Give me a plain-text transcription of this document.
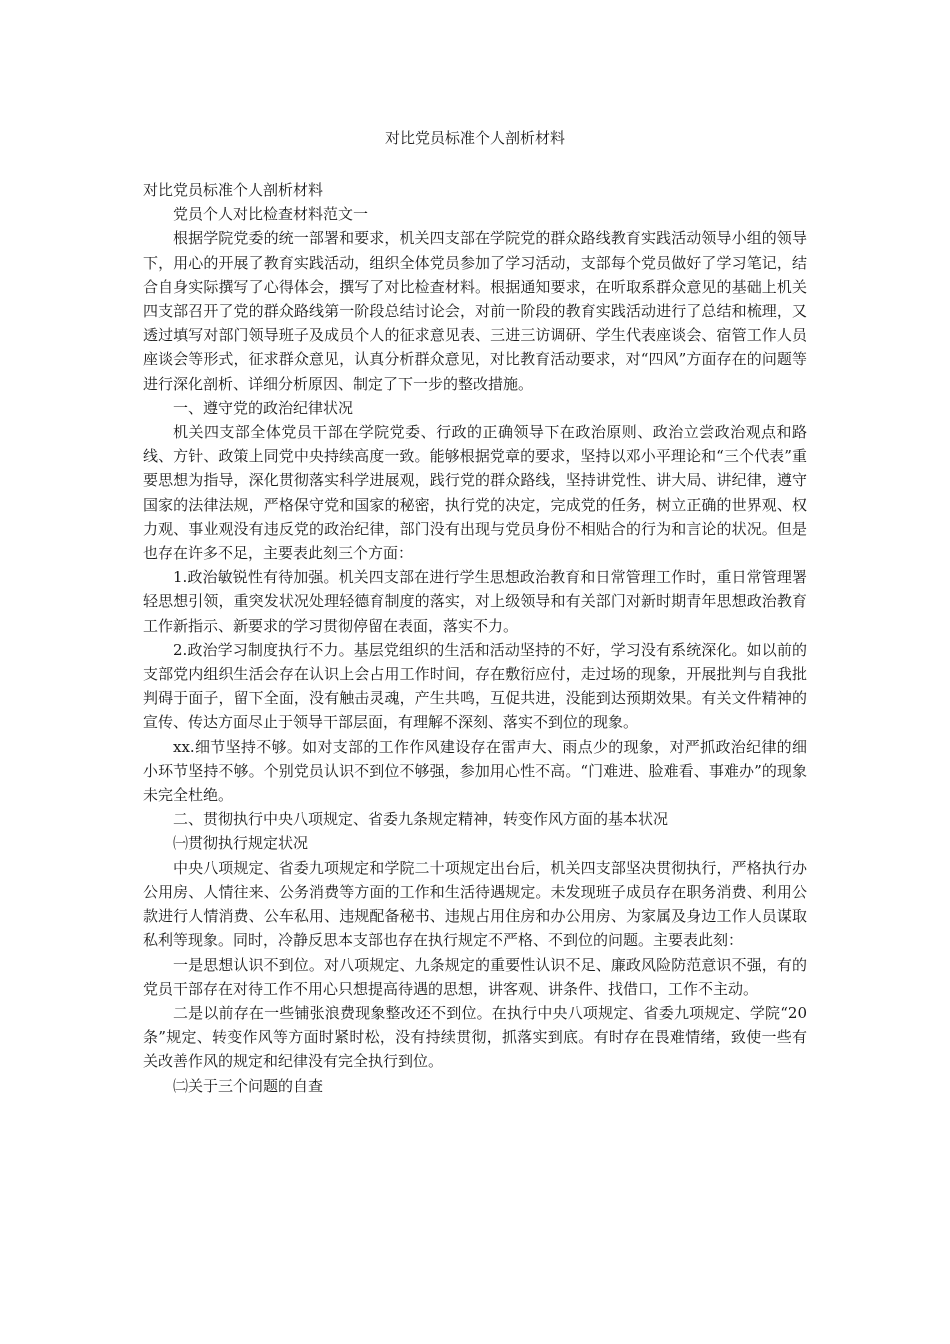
对比党员标准个人剖析材料

对比党员标准个人剖析材料

党员个人对比检查材料范文一

根据学院党委的统一部署和要求，机关四支部在学院党的群众路线教育实践活动领导小组的领导下，用心的开展了教育实践活动，组织全体党员参加了学习活动，支部每个党员做好了学习笔记，结合自身实际撰写了心得体会，撰写了对比检查材料。根据通知要求，在听取系群众意见的基础上机关四支部召开了党的群众路线第一阶段总结讨论会，对前一阶段的教育实践活动进行了总结和梳理，又透过填写对部门领导班子及成员个人的征求意见表、三进三访调研、学生代表座谈会、宿管工作人员座谈会等形式，征求群众意见，认真分析群众意见，对比教育活动要求，对“四风”方面存在的问题等进行深化剖析、详细分析原因、制定了下一步的整改措施。

一、遵守党的政治纪律状况

机关四支部全体党员干部在学院党委、行政的正确领导下在政治原则、政治立尝政治观点和路线、方针、政策上同党中央持续高度一致。能够根据党章的要求，坚持以邓小平理论和“三个代表”重要思想为指导，深化贯彻落实科学进展观，践行党的群众路线，坚持讲党性、讲大局、讲纪律，遵守国家的法律法规，严格保守党和国家的秘密，执行党的决定，完成党的任务，树立正确的世界观、权力观、事业观没有违反党的政治纪律，部门没有出现与党员身份不相贴合的行为和言论的状况。但是也存在许多不足，主要表此刻三个方面：

1.政治敏锐性有待加强。机关四支部在进行学生思想政治教育和日常管理工作时，重日常管理署轻思想引领，重突发状况处理轻德育制度的落实，对上级领导和有关部门对新时期青年思想政治教育工作新指示、新要求的学习贯彻停留在表面，落实不力。

2.政治学习制度执行不力。基层党组织的生活和活动坚持的不好，学习没有系统深化。如以前的支部党内组织生活会存在认识上会占用工作时间，存在敷衍应付，走过场的现象，开展批判与自我批判碍于面子，留下全面，没有触击灵魂，产生共鸣，互促共进，没能到达预期效果。有关文件精神的宣传、传达方面尽止于领导干部层面，有理解不深刻、落实不到位的现象。

xx.细节坚持不够。如对支部的工作作风建设存在雷声大、雨点少的现象，对严抓政治纪律的细小环节坚持不够。个别党员认识不到位不够强，参加用心性不高。“门难进、脸难看、事难办”的现象未完全杜绝。

二、贯彻执行中央八项规定、省委九条规定精神，转变作风方面的基本状况

㈠贯彻执行规定状况

中央八项规定、省委九项规定和学院二十项规定出台后，机关四支部坚决贯彻执行，严格执行办公用房、人情往来、公务消费等方面的工作和生活待遇规定。未发现班子成员存在职务消费、利用公款进行人情消费、公车私用、违规配备秘书、违规占用住房和办公用房、为家属及身边工作人员谋取私利等现象。同时，冷静反思本支部也存在执行规定不严格、不到位的问题。主要表此刻：

一是思想认识不到位。对八项规定、九条规定的重要性认识不足、廉政风险防范意识不强，有的党员干部存在对待工作不用心只想提高待遇的思想，讲客观、讲条件、找借口，工作不主动。

二是以前存在一些铺张浪费现象整改还不到位。在执行中央八项规定、省委九项规定、学院“20条”规定、转变作风等方面时紧时松，没有持续贯彻，抓落实到底。有时存在畏难情绪，致使一些有关改善作风的规定和纪律没有完全执行到位。

㈡关于三个问题的自查
